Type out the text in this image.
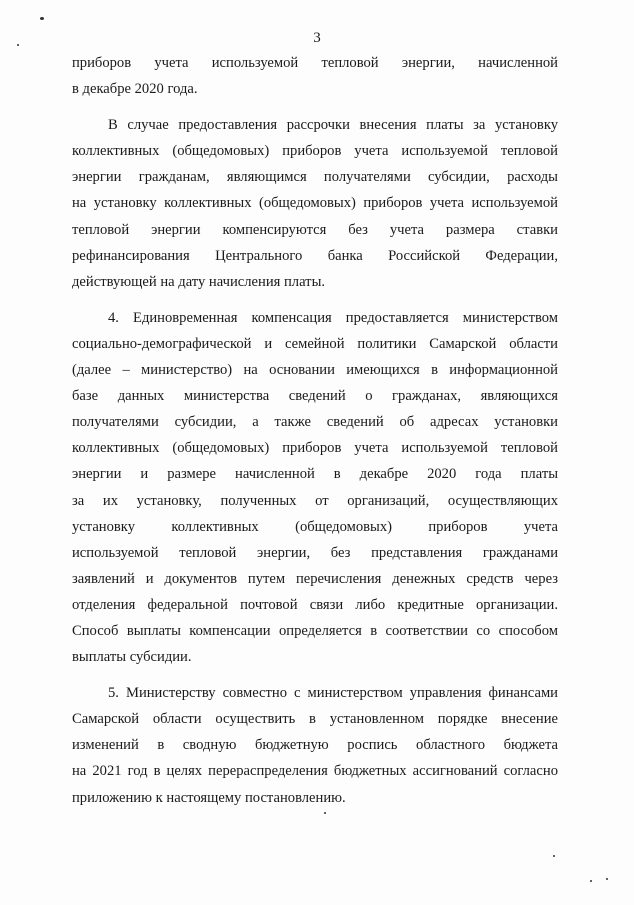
3

приборов учета используемой тепловой энергии, начисленной
в декабре 2020 года.

В случае предоставления рассрочки внесения платы за установку
коллективных (общедомовых) приборов учета используемой тепловой
энергии гражданам, являющимся получателями субсидии, расходы
на установку коллективных (общедомовых) приборов учета используемой
тепловой энергии компенсируются без учета размера ставки
рефинансирования Центрального банка Российской Федерации,
действующей на дату начисления платы.

4. Единовременная компенсация предоставляется министерством
социально-демографической и семейной политики Самарской области
(далее – министерство) на основании имеющихся в информационной
базе данных министерства сведений о гражданах, являющихся
получателями субсидии, а также сведений об адресах установки
коллективных (общедомовых) приборов учета используемой тепловой
энергии и размере начисленной в декабре 2020 года платы
за их установку, полученных от организаций, осуществляющих
установку коллективных (общедомовых) приборов учета
используемой тепловой энергии, без представления гражданами
заявлений и документов путем перечисления денежных средств через
отделения федеральной почтовой связи либо кредитные организации.
Способ выплаты компенсации определяется в соответствии со способом
выплаты субсидии.

5. Министерству совместно с министерством управления финансами
Самарской области осуществить в установленном порядке внесение
изменений в сводную бюджетную роспись областного бюджета
на 2021 год в целях перераспределения бюджетных ассигнований согласно
приложению к настоящему постановлению.
